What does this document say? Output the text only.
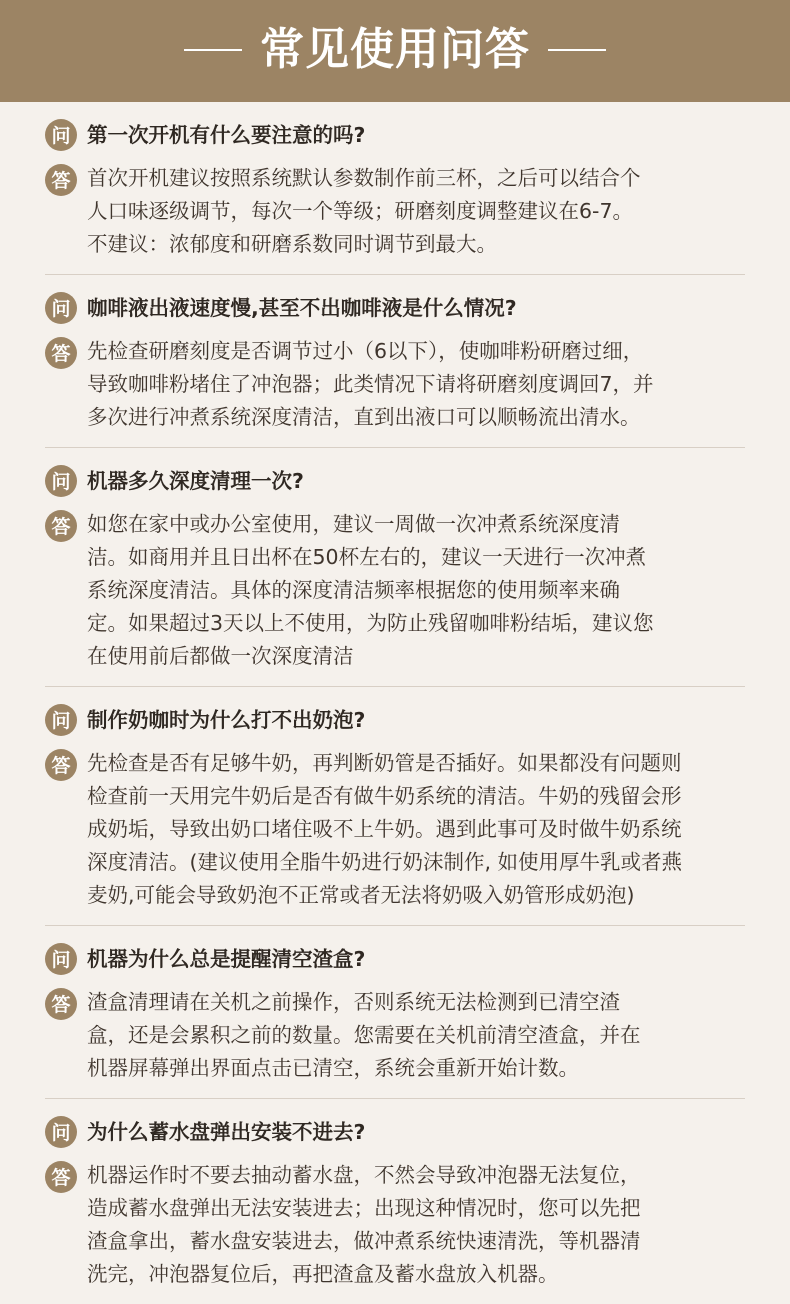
常见使用问答
问 第一次开机有什么要注意的吗?
答 首次开机建议按照系统默认参数制作前三杯，之后可以结合个
人口味逐级调节，每次一个等级；研磨刻度调整建议在6-7。
不建议：浓郁度和研磨系数同时调节到最大。
问 咖啡液出液速度慢,甚至不出咖啡液是什么情况?
答 先检查研磨刻度是否调节过小（6以下），使咖啡粉研磨过细，
导致咖啡粉堵住了冲泡器；此类情况下请将研磨刻度调回7，并
多次进行冲煮系统深度清洁，直到出液口可以顺畅流出清水。
问 机器多久深度清理一次?
答 如您在家中或办公室使用，建议一周做一次冲煮系统深度清
洁。如商用并且日出杯在50杯左右的，建议一天进行一次冲煮
系统深度清洁。具体的深度清洁频率根据您的使用频率来确
定。如果超过3天以上不使用，为防止残留咖啡粉结垢，建议您
在使用前后都做一次深度清洁
问 制作奶咖时为什么打不出奶泡?
答 先检查是否有足够牛奶，再判断奶管是否插好。如果都没有问题则
检查前一天用完牛奶后是否有做牛奶系统的清洁。牛奶的残留会形
成奶垢，导致出奶口堵住吸不上牛奶。遇到此事可及时做牛奶系统
深度清洁。(建议使用全脂牛奶进行奶沫制作, 如使用厚牛乳或者燕
麦奶,可能会导致奶泡不正常或者无法将奶吸入奶管形成奶泡)
问 机器为什么总是提醒清空渣盒?
答 渣盒清理请在关机之前操作，否则系统无法检测到已清空渣
盒，还是会累积之前的数量。您需要在关机前清空渣盒，并在
机器屏幕弹出界面点击已清空，系统会重新开始计数。
问 为什么蓄水盘弹出安装不进去?
答 机器运作时不要去抽动蓄水盘，不然会导致冲泡器无法复位，
造成蓄水盘弹出无法安装进去；出现这种情况时，您可以先把
渣盒拿出，蓄水盘安装进去，做冲煮系统快速清洗，等机器清
洗完，冲泡器复位后，再把渣盒及蓄水盘放入机器。
